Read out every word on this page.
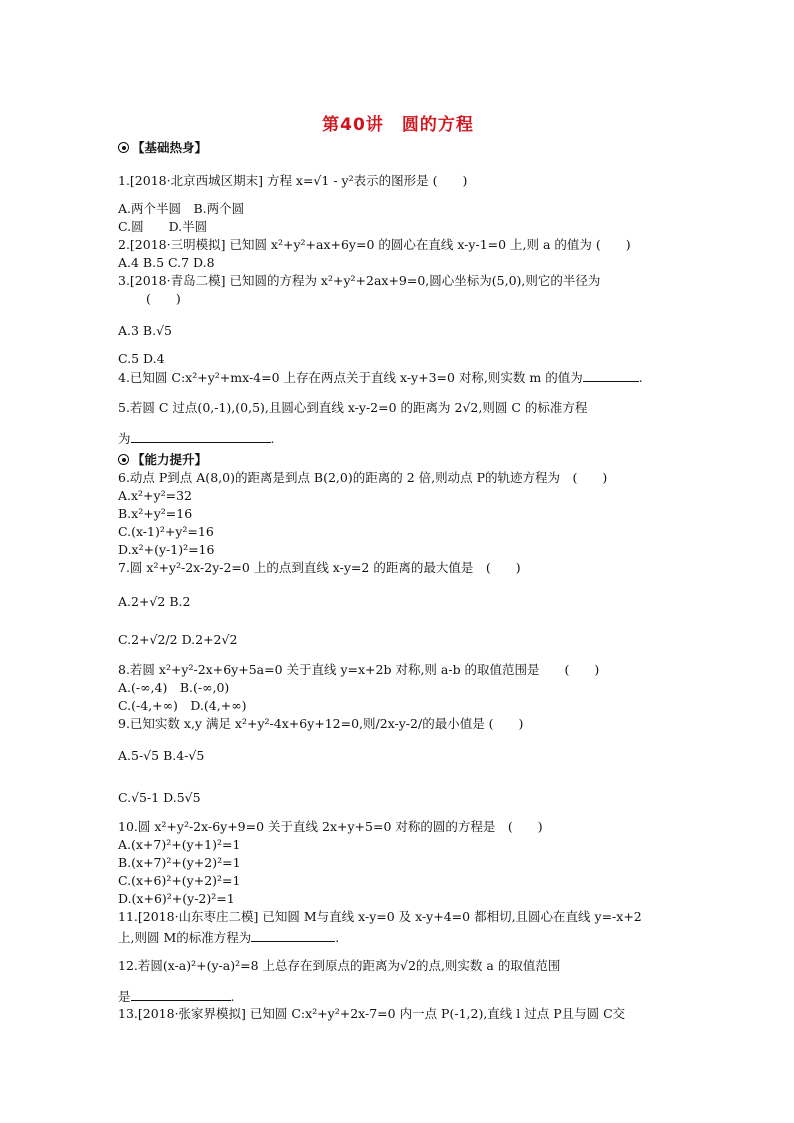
第40讲　圆的方程
【基础热身】
1.[2018·北京西城区期末] 方程 x=√1 - y²表示的图形是 (　　)
A.两个半圆　B.两个圆
C.圆　　D.半圆
2.[2018·三明模拟] 已知圆 x²+y²+ax+6y=0 的圆心在直线 x-y-1=0 上,则 a 的值为 (　　)
A.4 B.5 C.7 D.8
3.[2018·青岛二模] 已知圆的方程为 x²+y²+2ax+9=0,圆心坐标为(5,0),则它的半径为
(　　)
A.3 B.√5
C.5 D.4
4.已知圆 C:x²+y²+mx-4=0 上存在两点关于直线 x-y+3=0 对称,则实数 m 的值为	.
5.若圆 C 过点(0,-1),(0,5),且圆心到直线 x-y-2=0 的距离为 2√2,则圆 C 的标准方程
为	.
【能力提升】
6.动点 P到点 A(8,0)的距离是到点 B(2,0)的距离的 2 倍,则动点 P的轨迹方程为　(　　)
A.x²+y²=32
B.x²+y²=16
C.(x-1)²+y²=16
D.x²+(y-1)²=16
7.圆 x²+y²-2x-2y-2=0 上的点到直线 x-y=2 的距离的最大值是　(　　)
A.2+√2 B.2
C.2+√2/2 D.2+2√2
8.若圆 x²+y²-2x+6y+5a=0 关于直线 y=x+2b 对称,则 a-b 的取值范围是　　(　　)
A.(-∞,4)　B.(-∞,0)
C.(-4,+∞)　D.(4,+∞)
9.已知实数 x,y 满足 x²+y²-4x+6y+12=0,则/2x-y-2/的最小值是 (　　)
A.5-√5 B.4-√5
C.√5-1 D.5√5
10.圆 x²+y²-2x-6y+9=0 关于直线 2x+y+5=0 对称的圆的方程是　(　　)
A.(x+7)²+(y+1)²=1
B.(x+7)²+(y+2)²=1
C.(x+6)²+(y+2)²=1
D.(x+6)²+(y-2)²=1
11.[2018·山东枣庄二模] 已知圆 M与直线 x-y=0 及 x-y+4=0 都相切,且圆心在直线 y=-x+2
上,则圆 M的标准方程为	.
12.若圆(x-a)²+(y-a)²=8 上总存在到原点的距离为√2的点,则实数 a 的取值范围
是	.
13.[2018·张家界模拟] 已知圆 C:x²+y²+2x-7=0 内一点 P(-1,2),直线 l 过点 P且与圆 C交
